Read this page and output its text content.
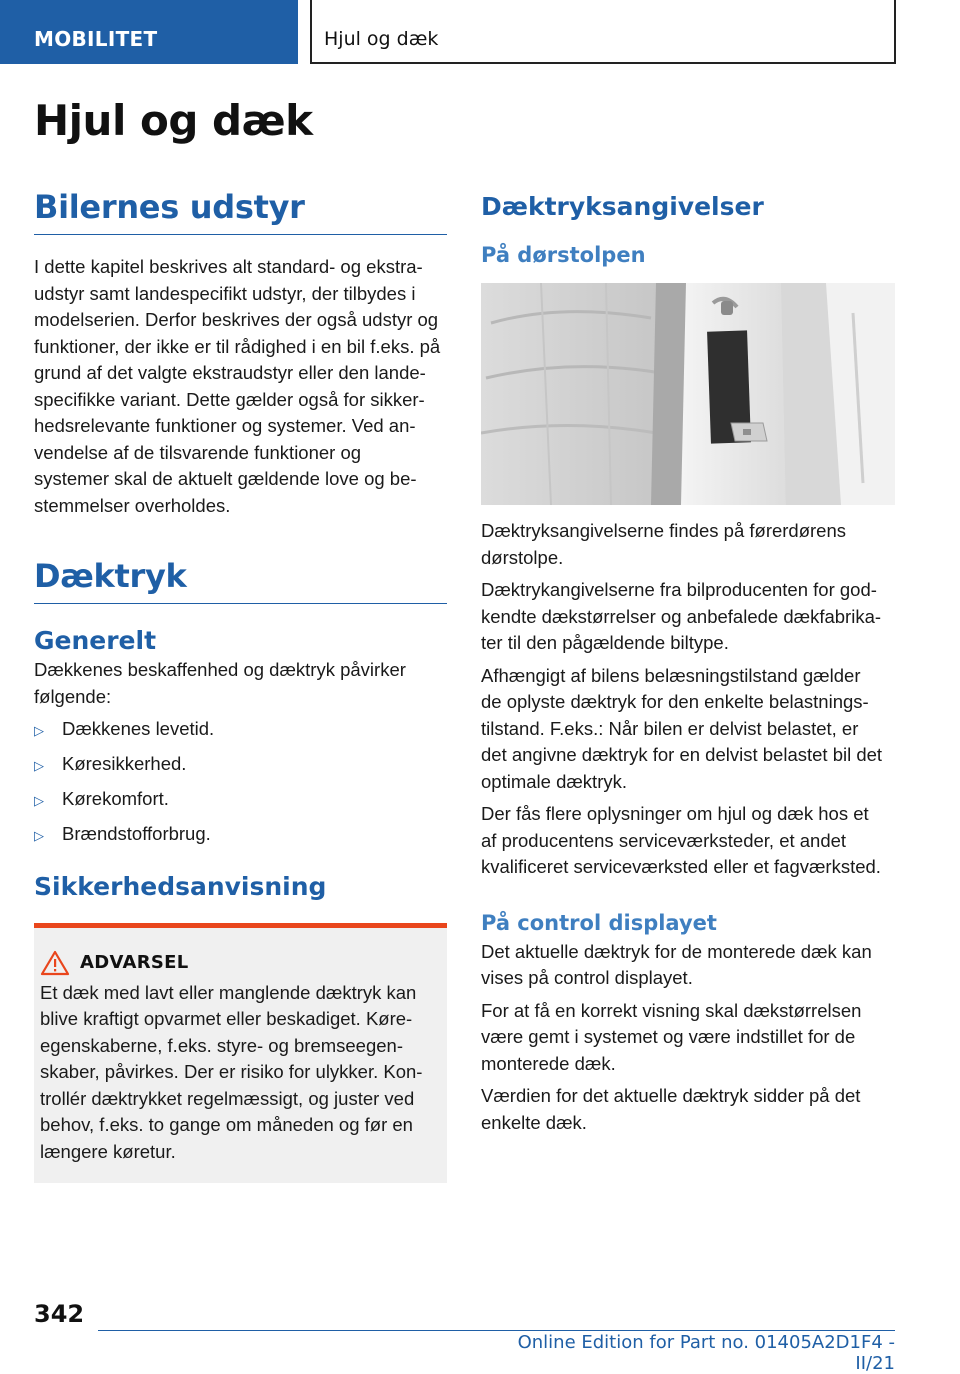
MOBILITET	Hjul og dæk
Hjul og dæk
Bilernes udstyr

I dette kapitel beskrives alt standard- og ekstra-
udstyr samt landespecifikt udstyr, der tilbydes i
modelserien. Derfor beskrives der også udstyr og
funktioner, der ikke er til rådighed i en bil f.eks. på
grund af det valgte ekstraudstyr eller den lande-
specifikke variant. Dette gælder også for sikker-
hedsrelevante funktioner og systemer. Ved an-
vendelse af de tilsvarende funktioner og
systemer skal de aktuelt gældende love og be-
stemmelser overholdes.

Dæktryk
Generelt

Dækkenes beskaffenhed og dæktryk påvirker
følgende:

▷ Dækkenes levetid.
▷ Køresikkerhed.
▷ Kørekomfort.
▷ Brændstofforbrug.
Sikkerhedsanvisning
ADVARSEL

Et dæk med lavt eller manglende dæktryk kan
blive kraftigt opvarmet eller beskadiget. Køre-
egenskaberne, f.eks. styre- og bremseegen-
skaber, påvirkes. Der er risiko for ulykker. Kon-
trollér dæktrykket regelmæssigt, og juster ved
behov, f.eks. to gange om måneden og før en
længere køretur.

Dæktryksangivelser
På dørstolpen

Dæktryksangivelserne findes på førerdørens
dørstolpe.

Dæktrykangivelserne fra bilproducenten for god-
kendte dækstørrelser og anbefalede dækfabrika-
ter til den pågældende biltype.

Afhængigt af bilens belæsningstilstand gælder
de oplyste dæktryk for den enkelte belastnings-
tilstand. F.eks.: Når bilen er delvist belastet, er
det angivne dæktryk for en delvist belastet bil det
optimale dæktryk.

Der fås flere oplysninger om hjul og dæk hos et
af producentens serviceværksteder, et andet
kvalificeret serviceværksted eller et fagværksted.

På control displayet

Det aktuelle dæktryk for de monterede dæk kan
vises på control displayet.

For at få en korrekt visning skal dækstørrelsen
være gemt i systemet og være indstillet for de
monterede dæk.

Værdien for det aktuelle dæktryk sidder på det
enkelte dæk.

342
Online Edition for Part no. 01405A2D1F4 - II/21
